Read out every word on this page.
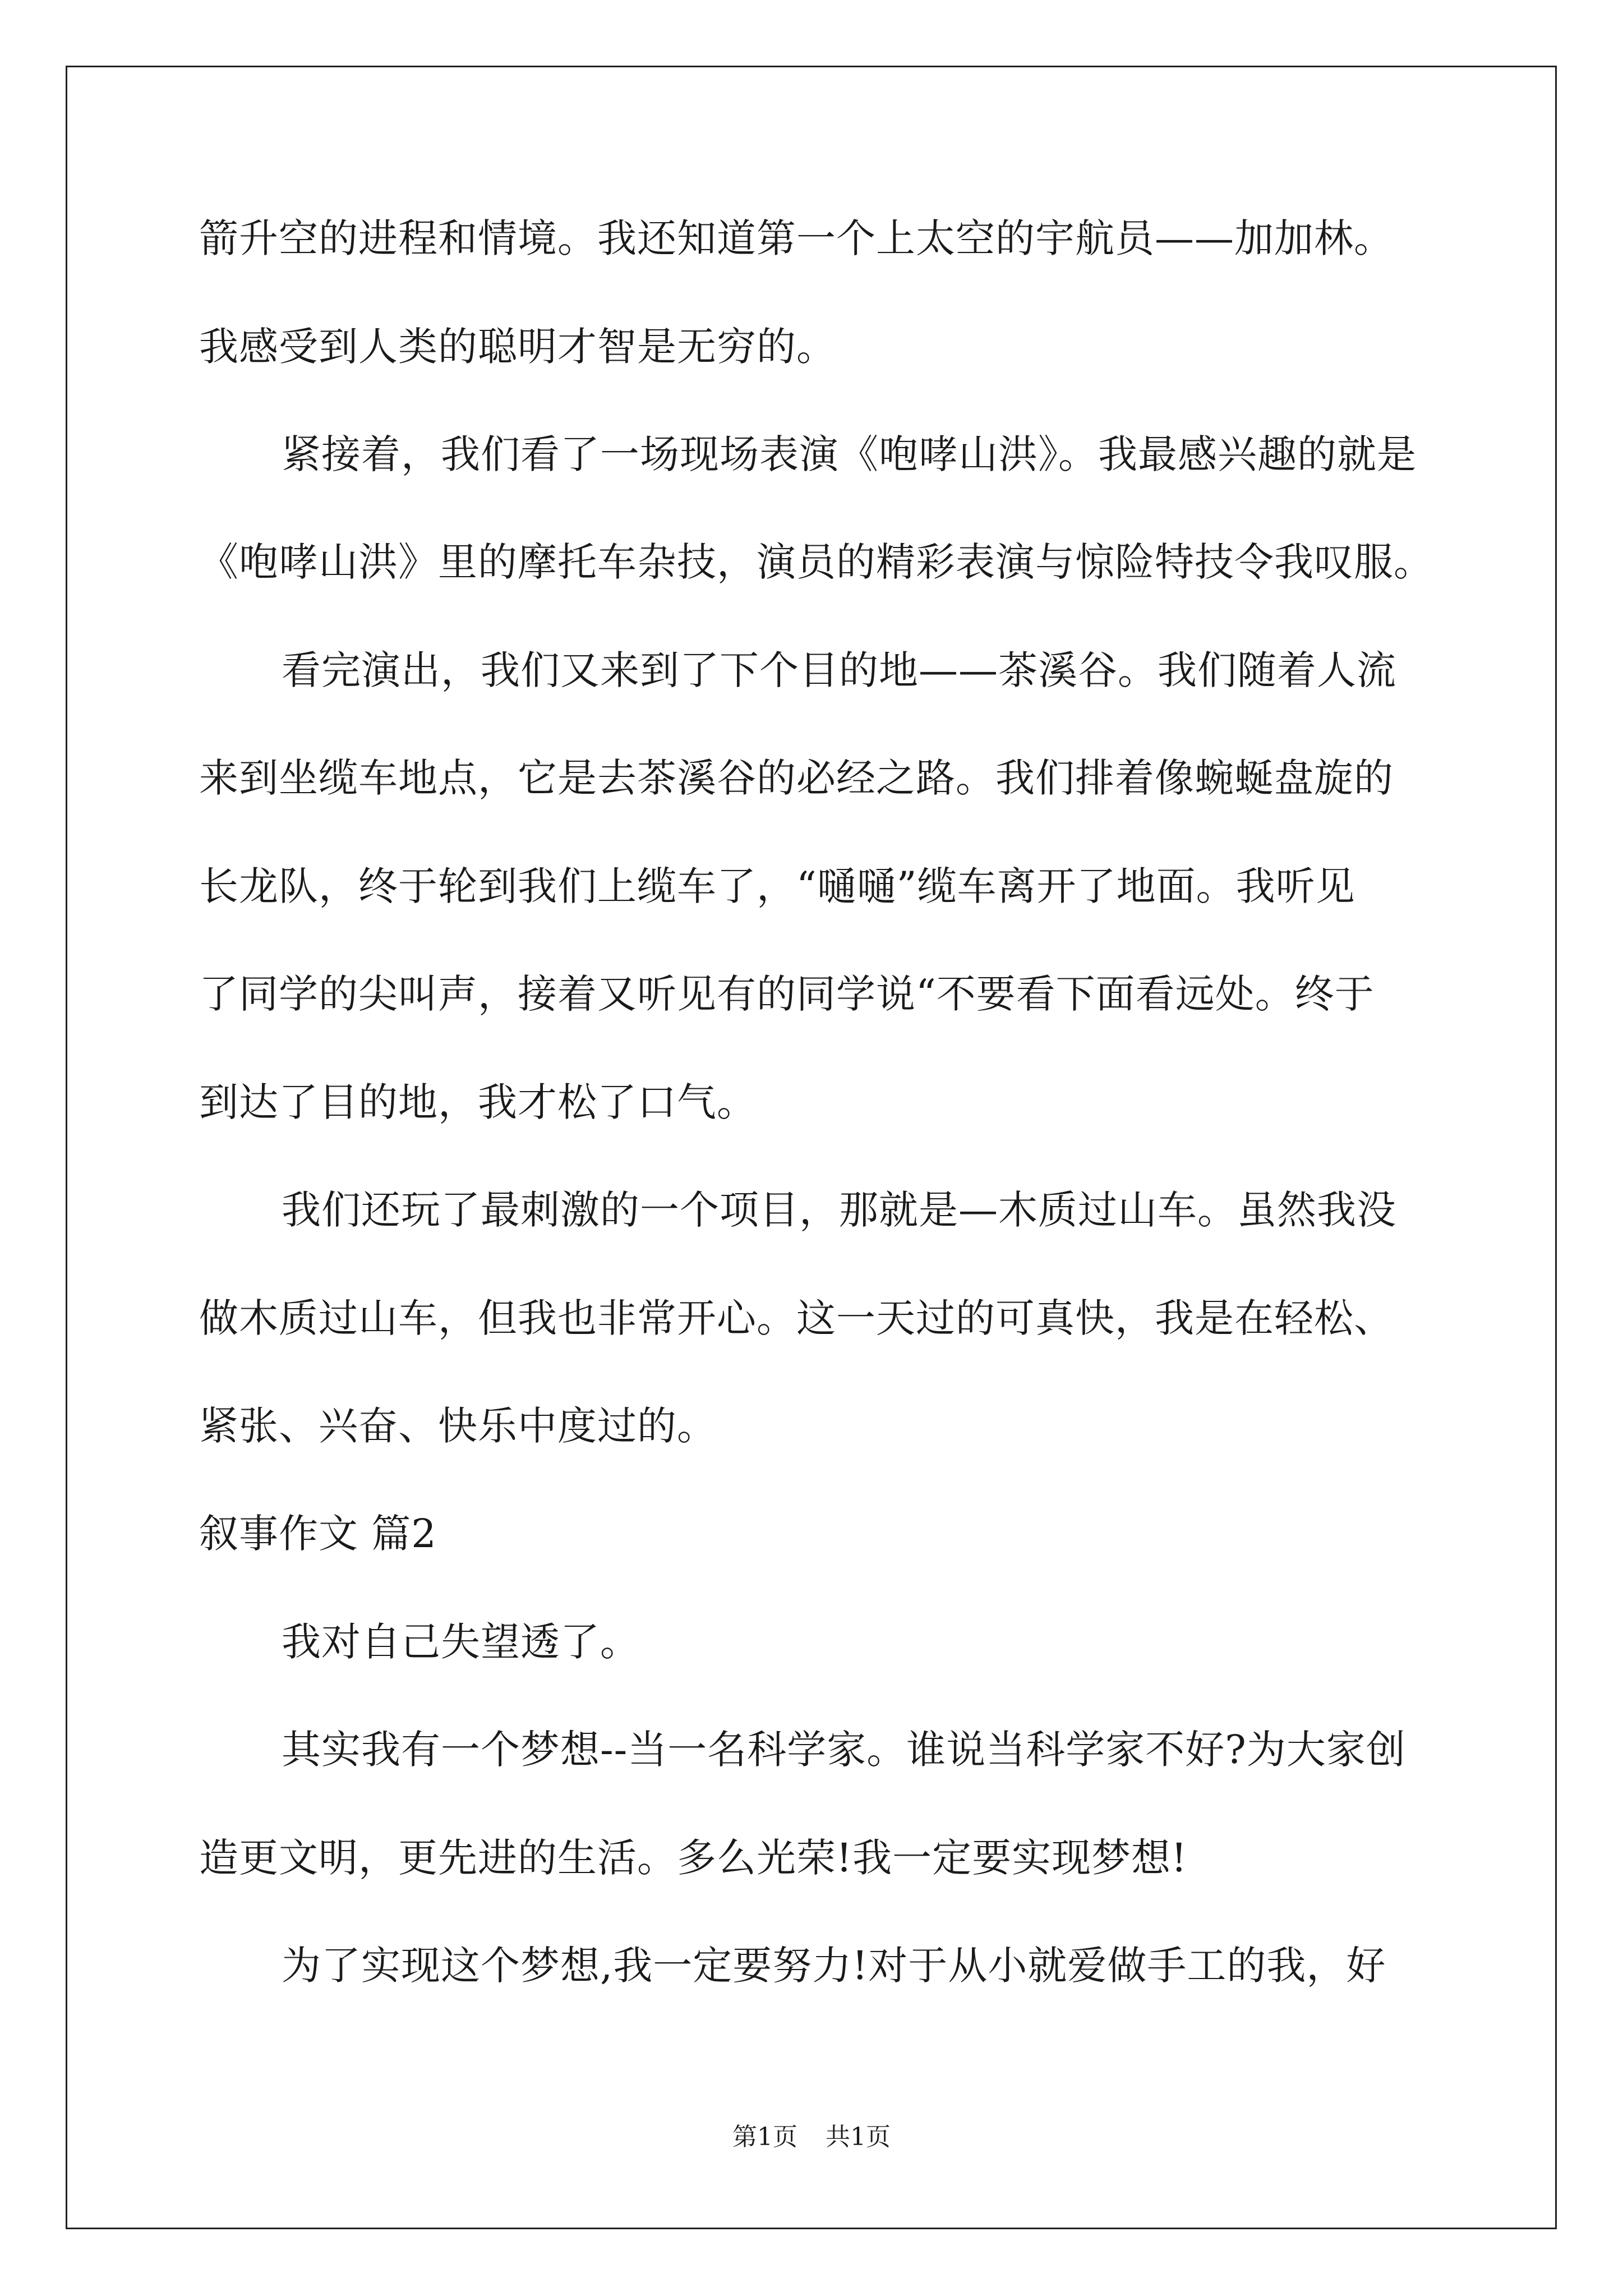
箭升空的进程和情境。我还知道第一个上太空的宇航员——加加林。
我感受到人类的聪明才智是无穷的。
紧接着，我们看了一场现场表演《咆哮山洪》。我最感兴趣的就是
《咆哮山洪》里的摩托车杂技，演员的精彩表演与惊险特技令我叹服。
看完演出，我们又来到了下个目的地——茶溪谷。我们随着人流
来到坐缆车地点，它是去茶溪谷的必经之路。我们排着像蜿蜒盘旋的
长龙队，终于轮到我们上缆车了，“嗵嗵”缆车离开了地面。我听见
了同学的尖叫声，接着又听见有的同学说“不要看下面看远处。终于
到达了目的地，我才松了口气。
我们还玩了最刺激的一个项目，那就是—木质过山车。虽然我没
做木质过山车，但我也非常开心。这一天过的可真快，我是在轻松、
紧张、兴奋、快乐中度过的。
叙事作文 篇2
我对自己失望透了。
其实我有一个梦想--当一名科学家。谁说当科学家不好?为大家创
造更文明，更先进的生活。多么光荣!我一定要实现梦想!
为了实现这个梦想,我一定要努力!对于从小就爱做手工的我，好
第1页 共1页
